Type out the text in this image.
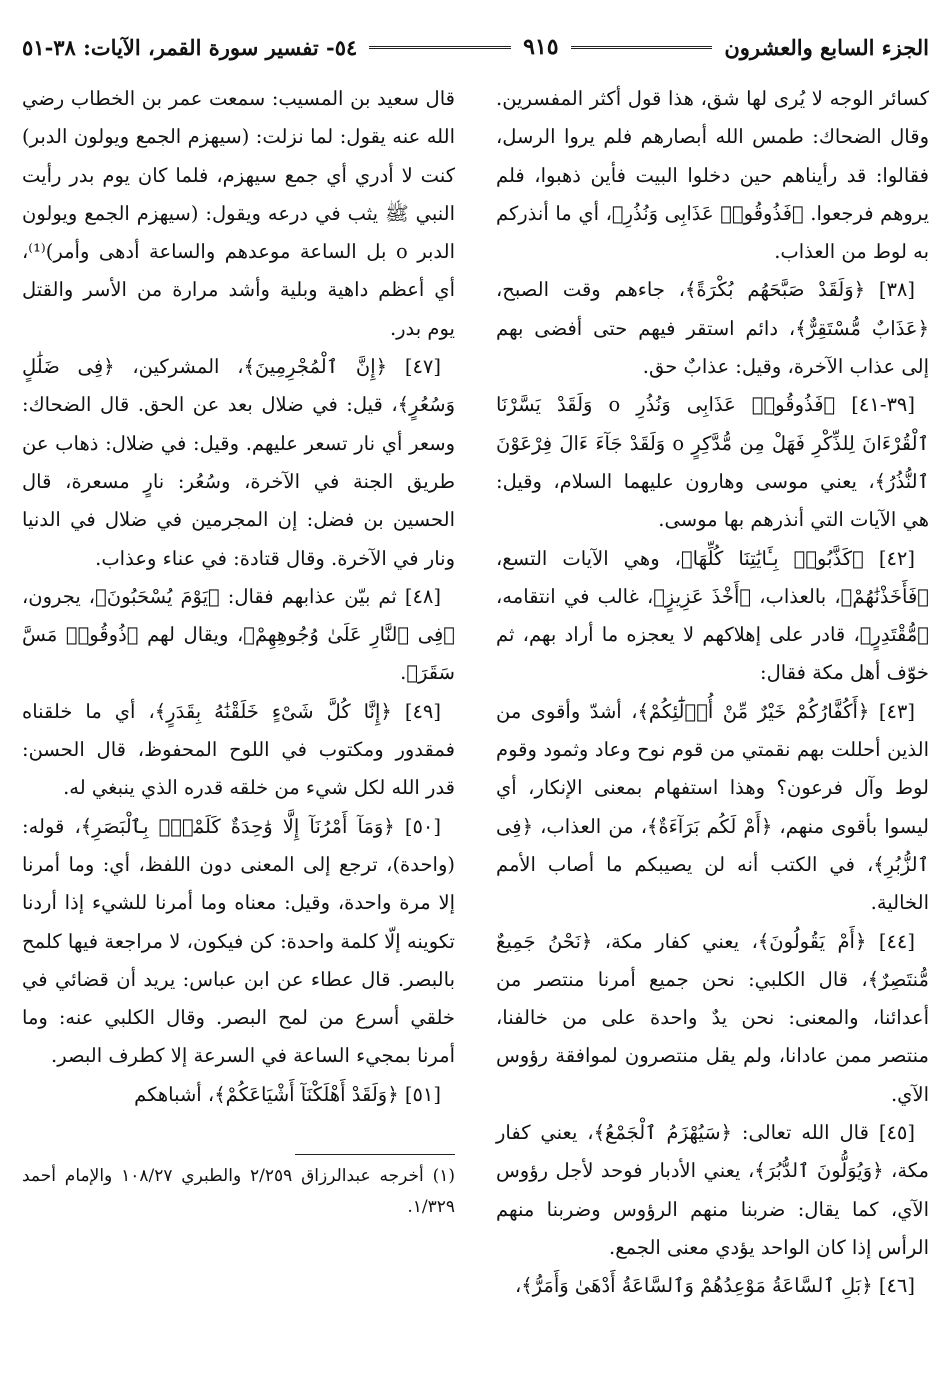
الجزء السابع والعشرون
٩١٥
٥٤- تفسير سورة القمر، الآيات: ٣٨-٥١

كسائر الوجه لا يُرى لها شق، هذا قول أكثر المفسرين. وقال الضحاك: طمس الله أبصارهم فلم يروا الرسل، فقالوا: قد رأيناهم حين دخلوا البيت فأين ذهبوا، فلم يروهم فرجعوا. ﴿فَذُوقُوا۟ عَذَابِى وَنُذُرِ﴾، أي ما أنذركم به لوط من العذاب.

[٣٨] ﴿وَلَقَدْ صَبَّحَهُم بُكْرَةً﴾، جاءهم وقت الصبح، ﴿عَذَابٌ مُّسْتَقِرٌّ﴾، دائم استقر فيهم حتى أفضى بهم إلى عذاب الآخرة، وقيل: عذابٌ حق.

[٣٩-٤١] ﴿فَذُوقُوا۟ عَذَابِى وَنُذُرِ o وَلَقَدْ يَسَّرْنَا ٱلْقُرْءَانَ لِلذِّكْرِ فَهَلْ مِن مُّدَّكِرٍ o وَلَقَدْ جَآءَ ءَالَ فِرْعَوْنَ ٱلنُّذُرُ﴾، يعني موسى وهارون عليهما السلام، وقيل: هي الآيات التي أنذرهم بها موسى.

[٤٢] ﴿كَذَّبُوا۟ بِـَٔايَٰتِنَا كُلِّهَا﴾، وهي الآيات التسع، ﴿فَأَخَذْنَٰهُمْ﴾، بالعذاب، ﴿أَخْذَ عَزِيزٍ﴾، غالب في انتقامه، ﴿مُّقْتَدِرٍ﴾، قادر على إهلاكهم لا يعجزه ما أراد بهم، ثم خوّف أهل مكة فقال:

[٤٣] ﴿أَكُفَّارُكُمْ خَيْرٌ مِّنْ أُو۟لَٰٓئِكُمْ﴾، أشدّ وأقوى من الذين أحللت بهم نقمتي من قوم نوح وعاد وثمود وقوم لوط وآل فرعون؟ وهذا استفهام بمعنى الإنكار، أي ليسوا بأقوى منهم، ﴿أَمْ لَكُم بَرَآءَةٌ﴾، من العذاب، ﴿فِى ٱلزُّبُرِ﴾، في الكتب أنه لن يصيبكم ما أصاب الأمم الخالية.

[٤٤] ﴿أَمْ يَقُولُونَ﴾، يعني كفار مكة، ﴿نَحْنُ جَمِيعٌ مُّنتَصِرٌ﴾، قال الكلبي: نحن جميع أمرنا منتصر من أعدائنا، والمعنى: نحن يدٌ واحدة على من خالفنا، منتصر ممن عادانا، ولم يقل منتصرون لموافقة رؤوس الآي.

[٤٥] قال الله تعالى: ﴿سَيُهْزَمُ ٱلْجَمْعُ﴾، يعني كفار مكة، ﴿وَيُوَلُّونَ ٱلدُّبُرَ﴾، يعني الأدبار فوحد لأجل رؤوس الآي، كما يقال: ضربنا منهم الرؤوس وضربنا منهم الرأس إذا كان الواحد يؤدي معنى الجمع.

[٤٦] ﴿بَلِ ٱلسَّاعَةُ مَوْعِدُهُمْ وَٱلسَّاعَةُ أَدْهَىٰ وَأَمَرُّ﴾،

قال سعيد بن المسيب: سمعت عمر بن الخطاب رضي الله عنه يقول: لما نزلت: (سيهزم الجمع ويولون الدبر) كنت لا أدري أي جمع سيهزم، فلما كان يوم بدر رأيت النبي ﷺ يثب في درعه ويقول: (سيهزم الجمع ويولون الدبر o بل الساعة موعدهم والساعة أدهى وأمر)⁽¹⁾، أي أعظم داهية وبلية وأشد مرارة من الأسر والقتل يوم بدر.

[٤٧] ﴿إِنَّ ٱلْمُجْرِمِينَ﴾، المشركين، ﴿فِى ضَلَٰلٍ وَسُعُرٍ﴾، قيل: في ضلال بعد عن الحق. قال الضحاك: وسعر أي نار تسعر عليهم. وقيل: في ضلال: ذهاب عن طريق الجنة في الآخرة، وسُعُر: نارٍ مسعرة، قال الحسين بن فضل: إن المجرمين في ضلال في الدنيا ونار في الآخرة. وقال قتادة: في عناء وعذاب.

[٤٨] ثم بيّن عذابهم فقال: ﴿يَوْمَ يُسْحَبُونَ﴾، يجرون، ﴿فِى ٱلنَّارِ عَلَىٰ وُجُوهِهِمْ﴾، ويقال لهم ﴿ذُوقُوا۟ مَسَّ سَقَرَ﴾.

[٤٩] ﴿إِنَّا كُلَّ شَىْءٍ خَلَقْنَٰهُ بِقَدَرٍ﴾، أي ما خلقناه فمقدور ومكتوب في اللوح المحفوظ، قال الحسن: قدر الله لكل شيء من خلقه قدره الذي ينبغي له.

[٥٠] ﴿وَمَآ أَمْرُنَآ إِلَّا وَٰحِدَةٌ كَلَمْحٍۭ بِٱلْبَصَرِ﴾، قوله: (واحدة)، ترجع إلى المعنى دون اللفظ، أي: وما أمرنا إلا مرة واحدة، وقيل: معناه وما أمرنا للشيء إذا أردنا تكوينه إلّا كلمة واحدة: كن فيكون، لا مراجعة فيها كلمح بالبصر. قال عطاء عن ابن عباس: يريد أن قضائي في خلقي أسرع من لمح البصر. وقال الكلبي عنه: وما أمرنا بمجيء الساعة في السرعة إلا كطرف البصر.

[٥١] ﴿وَلَقَدْ أَهْلَكْنَآ أَشْيَاعَكُمْ﴾، أشباهكم

(١) أخرجه عبدالرزاق ٢/٢٥٩ والطبري ١٠٨/٢٧ والإمام أحمد ١/٣٢٩.
